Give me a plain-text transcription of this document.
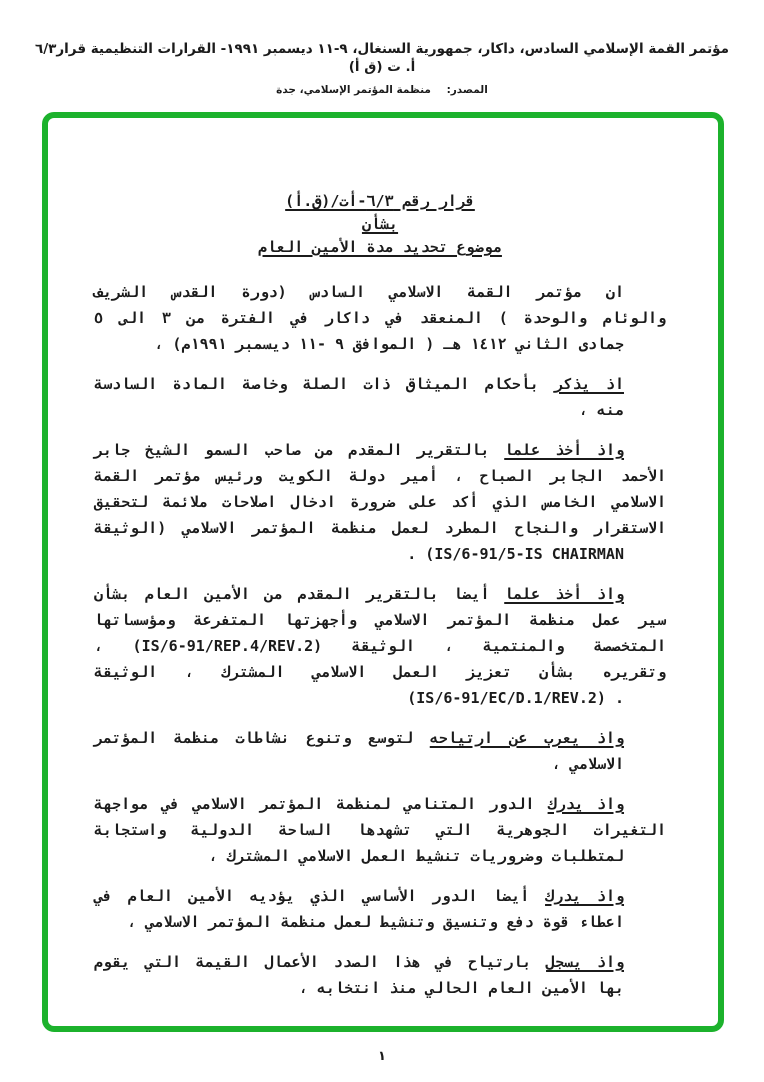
مؤتمر القمة الإسلامي السادس، داكار، جمهورية السنغال، ٩-١١ ديسمبر ١٩٩١- القرارات التنظيمية قرار٦/٣ أ. ت (ق أ)
المصدر: منظمة المؤتمر الإسلامي، جدة
قرار رقم ٦/٣-أت/(ق.أ)
بشأن
موضوع تحديد مدة الأمين العام

ان مؤتمر القمة الاسلامي السادس (دورة القدس الشريف
والوئام والوحدة ) المنعقد في داكار في الفترة من ٣ الى ٥
جمادى الثاني ١٤١٢ هـ ( الموافق ٩ -١١ ديسمبر ١٩٩١م) ،

اذ يذكر بأحكام الميثاق ذات الصلة وخاصة المادة السادسة
منه ،

واذ أخذ علما بالتقرير المقدم من صاحب السمو الشيخ جابر
الأحمد الجابر الصباح ، أمير دولة الكويت ورئيس مؤتمر القمة
الاسلامي الخامس الذي أكد على ضرورة ادخال اصلاحات ملائمة لتحقيق
الاستقرار والنجاح المطرد لعمل منظمة المؤتمر الاسلامي (الوثيقة
IS/6-91/5-IS CHAIRMAN) .

واذ أخذ علما أيضا بالتقرير المقدم من الأمين العام بشأن
سير عمل منظمة المؤتمر الاسلامي وأجهزتها المتفرعة ومؤسساتها
المتخصصة والمنتمية ، الوثيقة (IS/6-91/REP.4/REV.2) ،
وتقريره بشأن تعزيز العمل الاسلامي المشترك ، الوثيقة
. (IS/6-91/EC/D.1/REV.2)

واذ يعرب عن ارتياحه لتوسع وتنوع نشاطات منظمة المؤتمر
الاسلامي ،

واذ يدرك الدور المتنامي لمنظمة المؤتمر الاسلامي في مواجهة
التغيرات الجوهرية التي تشهدها الساحة الدولية واستجابة
لمتطلبات وضروريات تنشيط العمل الاسلامي المشترك ،

واذ يدرك أيضا الدور الأساسي الذي يؤديه الأمين العام في
اعطاء قوة دفع وتنسيق وتنشيط لعمل منظمة المؤتمر الاسلامي ،

واذ يسجل بارتياح في هذا الصدد الأعمال القيمة التي يقوم
بها الأمين العام الحالي منذ انتخابه ،

١
